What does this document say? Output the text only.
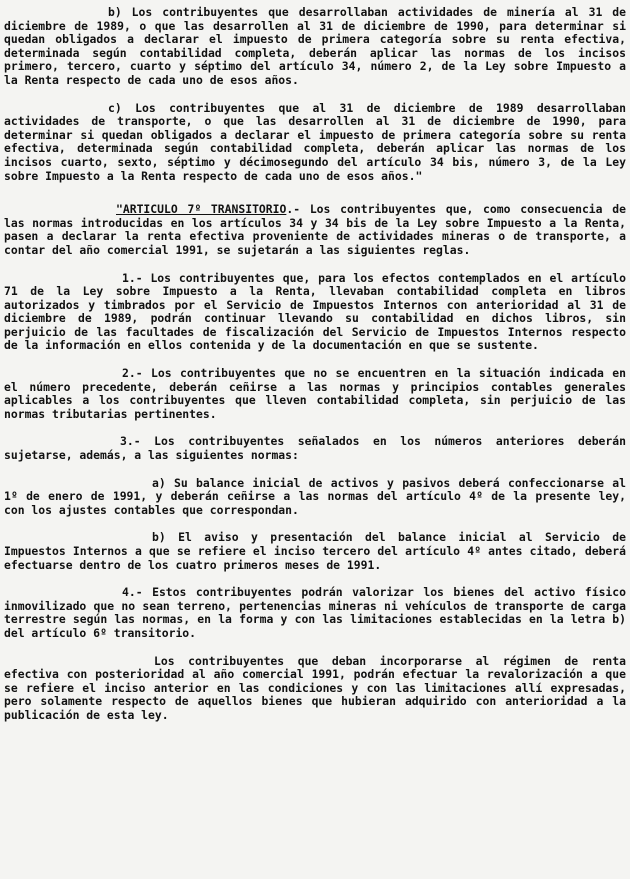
b) Los contribuyentes que desarrollaban actividades de minería al 31 de diciembre de 1989, o que las desarrollen al 31 de diciembre de 1990, para determinar si quedan obligados a declarar el impuesto de primera categoría sobre su renta efectiva, determinada según contabilidad completa, deberán aplicar las normas de los incisos primero, tercero, cuarto y séptimo del artículo 34, número 2, de la Ley sobre Impuesto a la Renta respecto de cada uno de esos años.

c) Los contribuyentes que al 31 de diciembre de 1989 desarrollaban actividades de transporte, o que las desarrollen al 31 de diciembre de 1990, para determinar si quedan obligados a declarar el impuesto de primera categoría sobre su renta efectiva, determinada según contabilidad completa, deberán aplicar las normas de los incisos cuarto, sexto, séptimo y décimosegundo del artículo 34 bis, número 3, de la Ley sobre Impuesto a la Renta respecto de cada uno de esos años."

"ARTICULO 7º TRANSITORIO.- Los contribuyentes que, como consecuencia de las normas introducidas en los artículos 34 y 34 bis de la Ley sobre Impuesto a la Renta, pasen a declarar la renta efectiva proveniente de actividades mineras o de transporte, a contar del año comercial 1991, se sujetarán a las siguientes reglas.

1.- Los contribuyentes que, para los efectos contemplados en el artículo 71 de la Ley sobre Impuesto a la Renta, llevaban contabilidad completa en libros autorizados y timbrados por el Servicio de Impuestos Internos con anterioridad al 31 de diciembre de 1989, podrán continuar llevando su contabilidad en dichos libros, sin perjuicio de las facultades de fiscalización del Servicio de Impuestos Internos respecto de la información en ellos contenida y de la documentación en que se sustente.

2.- Los contribuyentes que no se encuentren en la situación indicada en el número precedente, deberán ceñirse a las normas y principios contables generales aplicables a los contribuyentes que lleven contabilidad completa, sin perjuicio de las normas tributarias pertinentes.

3.- Los contribuyentes señalados en los números anteriores deberán sujetarse, además, a las siguientes normas:

a) Su balance inicial de activos y pasivos deberá confeccionarse al 1º de enero de 1991, y deberán ceñirse a las normas del artículo 4º de la presente ley, con los ajustes contables que correspondan.

b) El aviso y presentación del balance inicial al Servicio de Impuestos Internos a que se refiere el inciso tercero del artículo 4º antes citado, deberá efectuarse dentro de los cuatro primeros meses de 1991.

4.- Estos contribuyentes podrán valorizar los bienes del activo físico inmovilizado que no sean terreno, pertenencias mineras ni vehículos de transporte de carga terrestre según las normas, en la forma y con las limitaciones establecidas en la letra b) del artículo 6º transitorio.

Los contribuyentes que deban incorporarse al régimen de renta efectiva con posterioridad al año comercial 1991, podrán efectuar la revalorización a que se refiere el inciso anterior en las condiciones y con las limitaciones allí expresadas, pero solamente respecto de aquellos bienes que hubieran adquirido con anterioridad a la publicación de esta ley.
